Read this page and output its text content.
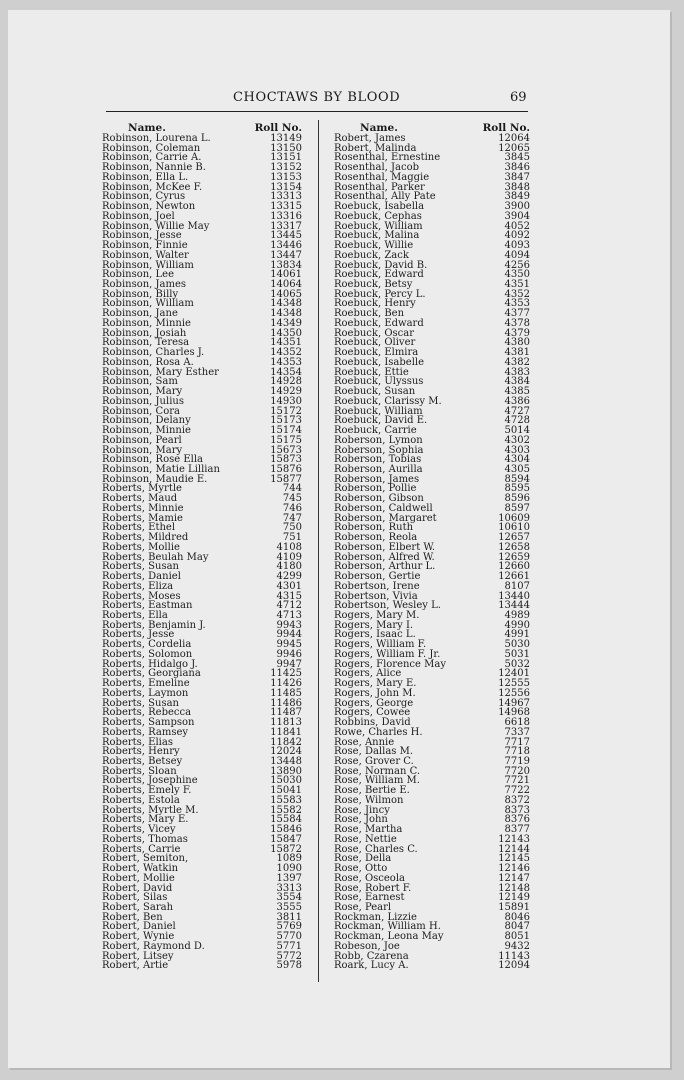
CHOCTAWS BY BLOOD	69
Name.	Roll No.
Robinson, Lourena L.	13149
Robinson, Coleman	13150
Robinson, Carrie A.	13151
Robinson, Nannie B.	13152
Robinson, Ella L.	13153
Robinson, McKee F.	13154
Robinson, Cyrus	13313
Robinson, Newton	13315
Robinson, Joel	13316
Robinson, Willie May	13317
Robinson, Jesse	13445
Robinson, Finnie	13446
Robinson, Walter	13447
Robinson, William	13834
Robinson, Lee	14061
Robinson, James	14064
Robinson, Billy	14065
Robinson, William	14348
Robinson, Jane	14348
Robinson, Minnie	14349
Robinson, Josiah	14350
Robinson, Teresa	14351
Robinson, Charles J.	14352
Robinson, Rosa A.	14353
Robinson, Mary Esther	14354
Robinson, Sam	14928
Robinson, Mary	14929
Robinson, Julius	14930
Robinson, Cora	15172
Robinson, Delany	15173
Robinson, Minnie	15174
Robinson, Pearl	15175
Robinson, Mary	15673
Robinson, Rose Ella	15873
Robinson, Matie Lillian	15876
Robinson, Maudie E.	15877
Roberts, Myrtle	744
Roberts, Maud	745
Roberts, Minnie	746
Roberts, Mamie	747
Roberts, Ethel	750
Roberts, Mildred	751
Roberts, Mollie	4108
Roberts, Beulah May	4109
Roberts, Susan	4180
Roberts, Daniel	4299
Roberts, Eliza	4301
Roberts, Moses	4315
Roberts, Eastman	4712
Roberts, Ella	4713
Roberts, Benjamin J.	9943
Roberts, Jesse	9944
Roberts, Cordelia	9945
Roberts, Solomon	9946
Roberts, Hidalgo J.	9947
Roberts, Georgiana	11425
Roberts, Emeline	11426
Roberts, Laymon	11485
Roberts, Susan	11486
Roberts, Rebecca	11487
Roberts, Sampson	11813
Roberts, Ramsey	11841
Roberts, Elias	11842
Roberts, Henry	12024
Roberts, Betsey	13448
Roberts, Sloan	13890
Roberts, Josephine	15030
Roberts, Emely F.	15041
Roberts, Estola	15583
Roberts, Myrtle M.	15582
Roberts, Mary E.	15584
Roberts, Vicey	15846
Roberts, Thomas	15847
Roberts, Carrie	15872
Robert, Semiton,	1089
Robert, Watkin	1090
Robert, Mollie	1397
Robert, David	3313
Robert, Silas	3554
Robert, Sarah	3555
Robert, Ben	3811
Robert, Daniel	5769
Robert, Wynie	5770
Robert, Raymond D.	5771
Robert, Litsey	5772
Robert, Artie	5978
Name.	Roll No.
Robert, James	12064
Robert, Malinda	12065
Rosenthal, Ernestine	3845
Rosenthal, Jacob	3846
Rosenthal, Maggie	3847
Rosenthal, Parker	3848
Rosenthal, Ally Pate	3849
Roebuck, Isabella	3900
Roebuck, Cephas	3904
Roebuck, William	4052
Roebuck, Malina	4092
Roebuck, Willie	4093
Roebuck, Zack	4094
Roebuck, David B.	4256
Roebuck, Edward	4350
Roebuck, Betsy	4351
Roebuck, Percy L.	4352
Roebuck, Henry	4353
Roebuck, Ben	4377
Roebuck, Edward	4378
Roebuck, Oscar	4379
Roebuck, Oliver	4380
Roebuck, Elmira	4381
Roebuck, Isabelle	4382
Roebuck, Ettie	4383
Roebuck, Ulyssus	4384
Roebuck, Susan	4385
Roebuck, Clarissy M.	4386
Roebuck, William	4727
Roebuck, David E.	4728
Roebuck, Carrie	5014
Roberson, Lymon	4302
Roberson, Sophia	4303
Roberson, Tobias	4304
Roberson, Aurilla	4305
Roberson, James	8594
Roberson, Pollie	8595
Roberson, Gibson	8596
Roberson, Caldwell	8597
Roberson, Margaret	10609
Roberson, Ruth	10610
Roberson, Reola	12657
Roberson, Elbert W.	12658
Roberson, Alfred W.	12659
Roberson, Arthur L.	12660
Roberson, Gertie	12661
Robertson, Irene	8107
Robertson, Vivia	13440
Robertson, Wesley L.	13444
Rogers, Mary M.	4989
Rogers, Mary I.	4990
Rogers, Isaac L.	4991
Rogers, William F.	5030
Rogers, William F. Jr.	5031
Rogers, Florence May	5032
Rogers, Alice	12401
Rogers, Mary E.	12555
Rogers, John M.	12556
Rogers, George	14967
Rogers, Cowee	14968
Robbins, David	6618
Rowe, Charles H.	7337
Rose, Annie	7717
Rose, Dallas M.	7718
Rose, Grover C.	7719
Rose, Norman C.	7720
Rose, William M.	7721
Rose, Bertie E.	7722
Rose, Wilmon	8372
Rose, Jincy	8373
Rose, John	8376
Rose, Martha	8377
Rose, Nettie	12143
Rose, Charles C.	12144
Rose, Della	12145
Rose, Otto	12146
Rose, Osceola	12147
Rose, Robert F.	12148
Rose, Earnest	12149
Rose, Pearl	15891
Rockman, Lizzie	8046
Rockman, William H.	8047
Rockman, Leona May	8051
Robeson, Joe	9432
Robb, Czarena	11143
Roark, Lucy A.	12094
